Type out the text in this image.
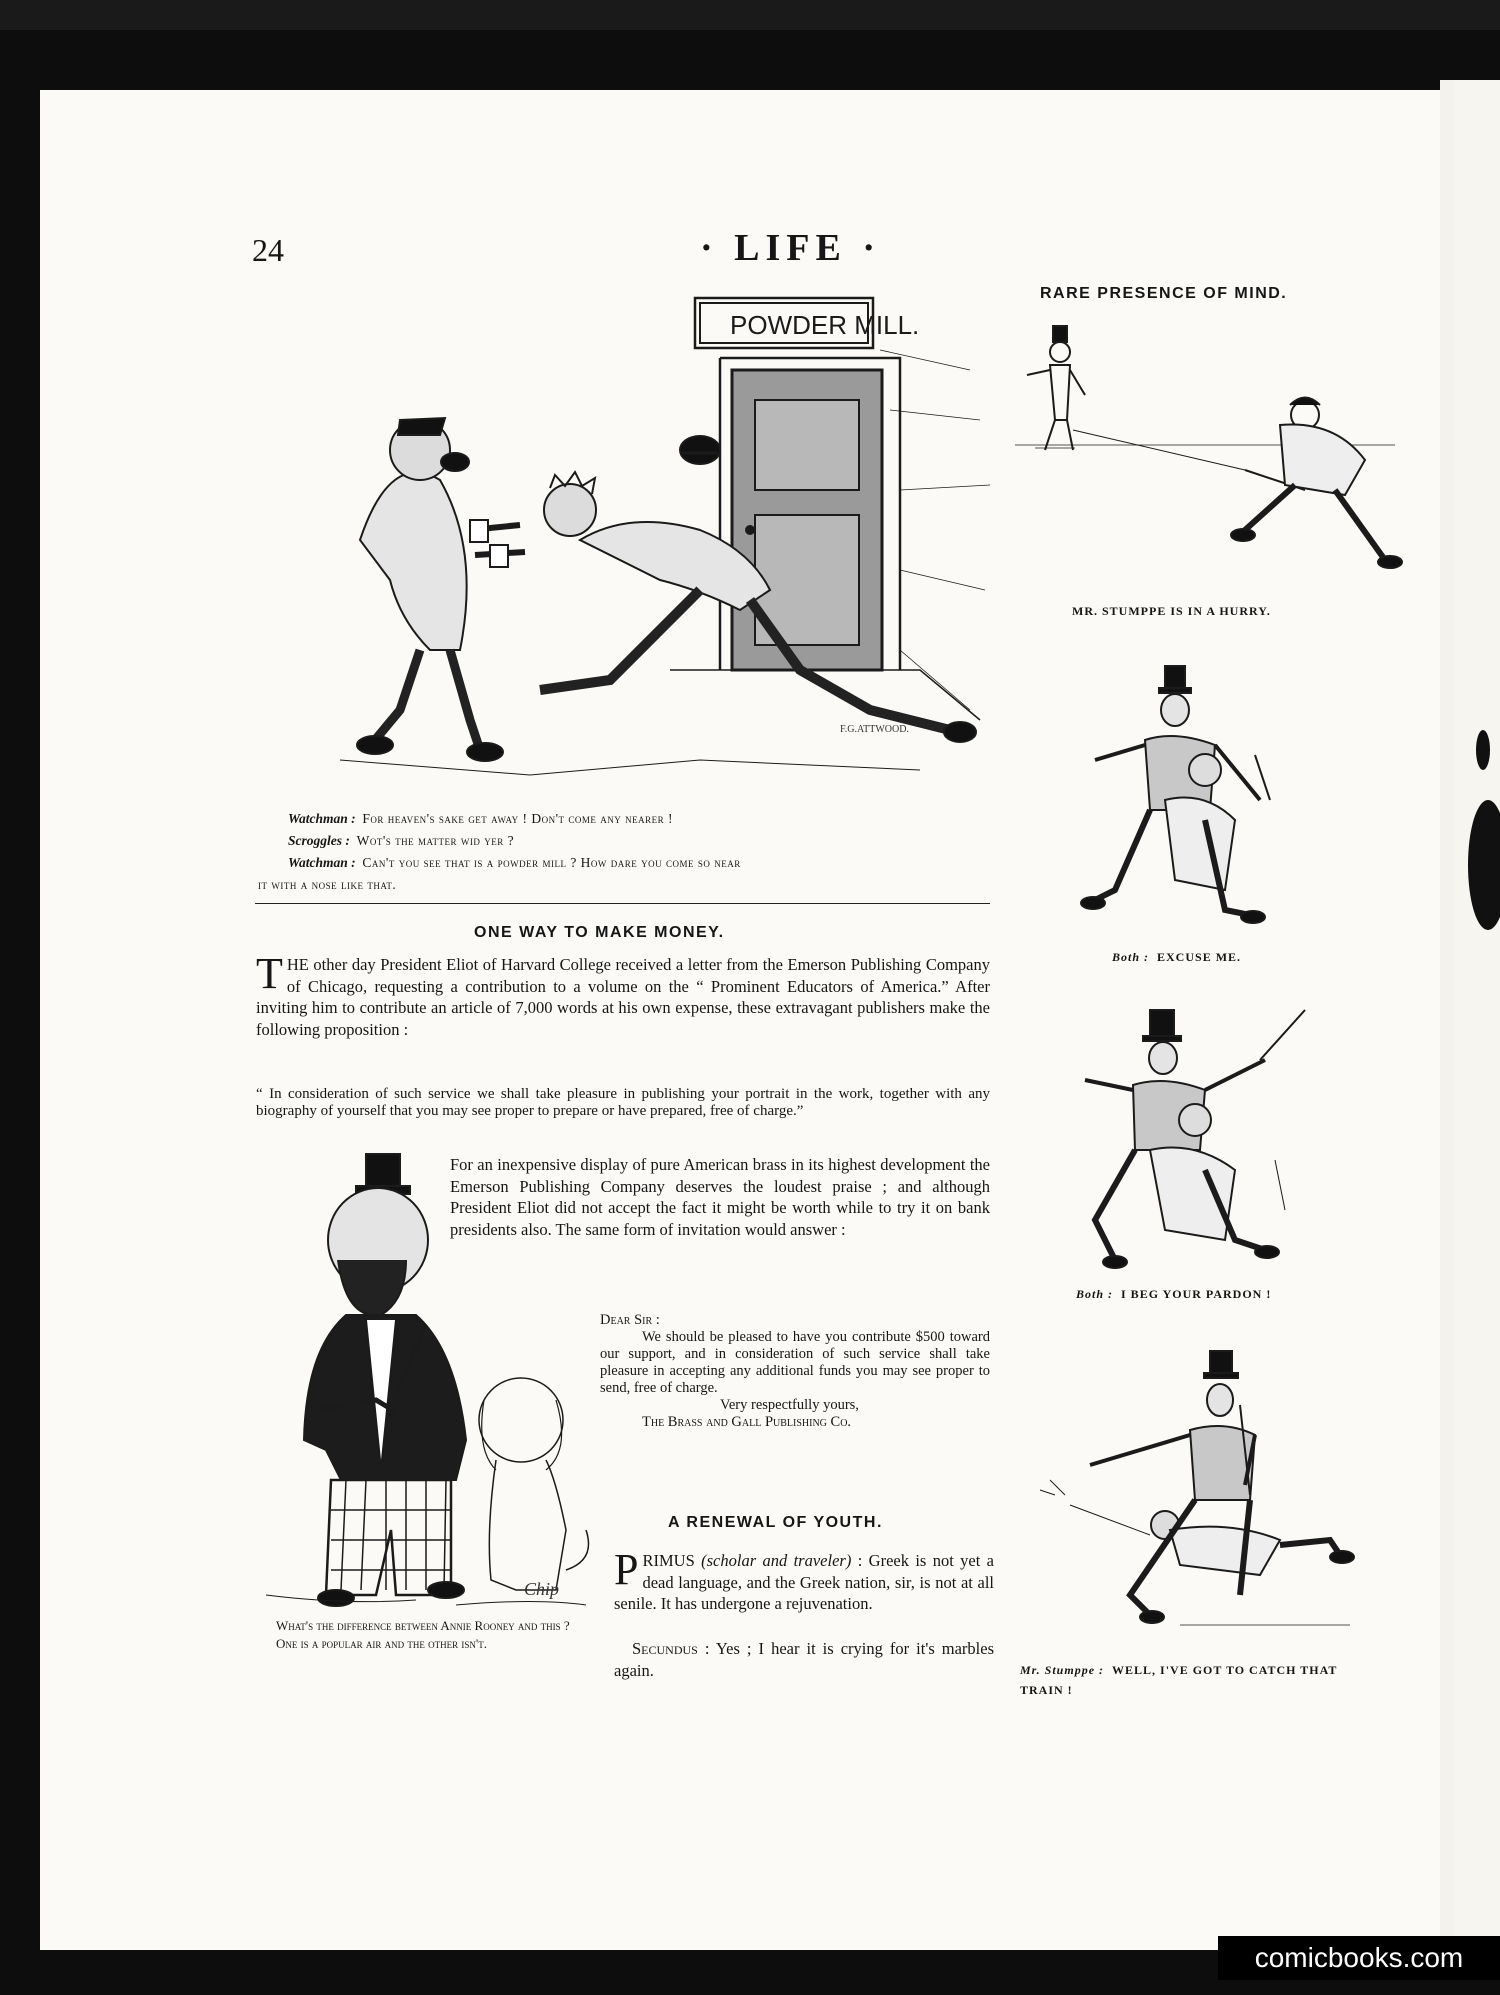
24	· LIFE ·
POWDER MILL.
F.G.ATTWOOD.
Watchman : For heaven's sake get away ! Don't come any nearer !
Scroggles : Wot's the matter wid yer ?
Watchman : Can't you see that is a powder mill ? How dare you come so near
it with a nose like that.
ONE WAY TO MAKE MONEY.
THE other day President Eliot of Harvard College received a letter from the Emerson Publishing Company of Chicago, requesting a contribution to a volume on the “ Prominent Educators of America.” After inviting him to contribute an article of 7,000 words at his own expense, these extravagant publishers make the following proposition :
“ In consideration of such service we shall take pleasure in publishing your portrait in the work, together with any biography of yourself that you may see proper to prepare or have prepared, free of charge.”
For an inexpensive display of pure American brass in its highest development the Emerson Publishing Company deserves the loudest praise ; and although President Eliot did not accept the fact it might be worth while to try it on bank presidents also. The same form of invitation would answer :
Dear Sir :
We should be pleased to have you contribute $500 toward our support, and in consideration of such service shall take pleasure in accepting any additional funds you may see proper to send, free of charge.
Very respectfully yours,
The Brass and Gall Publishing Co.
Chip
What's the difference between Annie Rooney and this ?
One is a popular air and the other isn't.
A RENEWAL OF YOUTH.
PRIMUS (scholar and traveler) : Greek is not yet a dead language, and the Greek nation, sir, is not at all senile. It has undergone a rejuvenation.
Secundus : Yes ; I hear it is crying for it's marbles again.
RARE PRESENCE OF MIND.
MR. STUMPPE IS IN A HURRY.
Both : EXCUSE ME.
Both : I BEG YOUR PARDON !
Mr. Stumppe : WELL, I'VE GOT TO CATCH THAT TRAIN !
comicbooks.com
